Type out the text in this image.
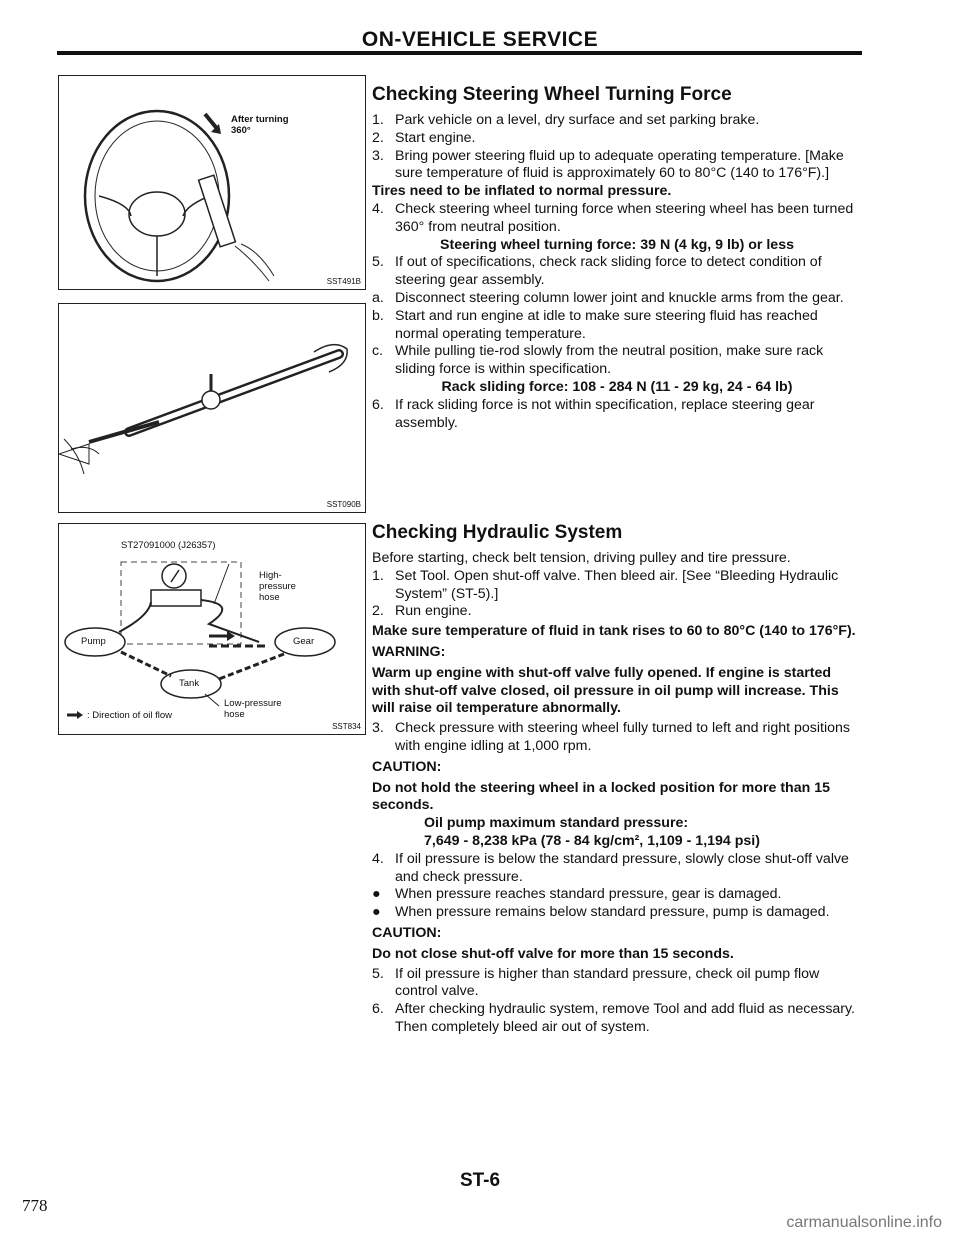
ON-VEHICLE SERVICE
After turning 360°
SST491B
SST090B
ST27091000 (J26357)
High-pressure hose
Pump	Gear
Tank
Low-pressure hose
: Direction of oil flow
SST834
Checking Steering Wheel Turning Force
1. Park vehicle on a level, dry surface and set parking brake.
2. Start engine.
3. Bring power steering fluid up to adequate operating temperature. [Make sure temperature of fluid is approximately 60 to 80°C (140 to 176°F).]

Tires need to be inflated to normal pressure.

4. Check steering wheel turning force when steering wheel has been turned 360° from neutral position.

Steering wheel turning force: 39 N (4 kg, 9 lb) or less

5. If out of specifications, check rack sliding force to detect condition of steering gear assembly.
a. Disconnect steering column lower joint and knuckle arms from the gear.
b. Start and run engine at idle to make sure steering fluid has reached normal operating temperature.
c. While pulling tie-rod slowly from the neutral position, make sure rack sliding force is within specification.

Rack sliding force: 108 - 284 N (11 - 29 kg, 24 - 64 lb)

6. If rack sliding force is not within specification, replace steering gear assembly.
Checking Hydraulic System

Before starting, check belt tension, driving pulley and tire pressure.

1. Set Tool. Open shut-off valve. Then bleed air. [See “Bleeding Hydraulic System” (ST-5).]
2. Run engine.

Make sure temperature of fluid in tank rises to 60 to 80°C (140 to 176°F).

WARNING:

Warm up engine with shut-off valve fully opened. If engine is started with shut-off valve closed, oil pressure in oil pump will increase. This will raise oil temperature abnormally.

3. Check pressure with steering wheel fully turned to left and right positions with engine idling at 1,000 rpm.

CAUTION:

Do not hold the steering wheel in a locked position for more than 15 seconds.

Oil pump maximum standard pressure:

7,649 - 8,238 kPa (78 - 84 kg/cm², 1,109 - 1,194 psi)

4. If oil pressure is below the standard pressure, slowly close shut-off valve and check pressure.
● When pressure reaches standard pressure, gear is damaged.
● When pressure remains below standard pressure, pump is damaged.

CAUTION:

Do not close shut-off valve for more than 15 seconds.

5. If oil pressure is higher than standard pressure, check oil pump flow control valve.
6. After checking hydraulic system, remove Tool and add fluid as necessary. Then completely bleed air out of system.
ST-6
778
carmanualsonline.info
